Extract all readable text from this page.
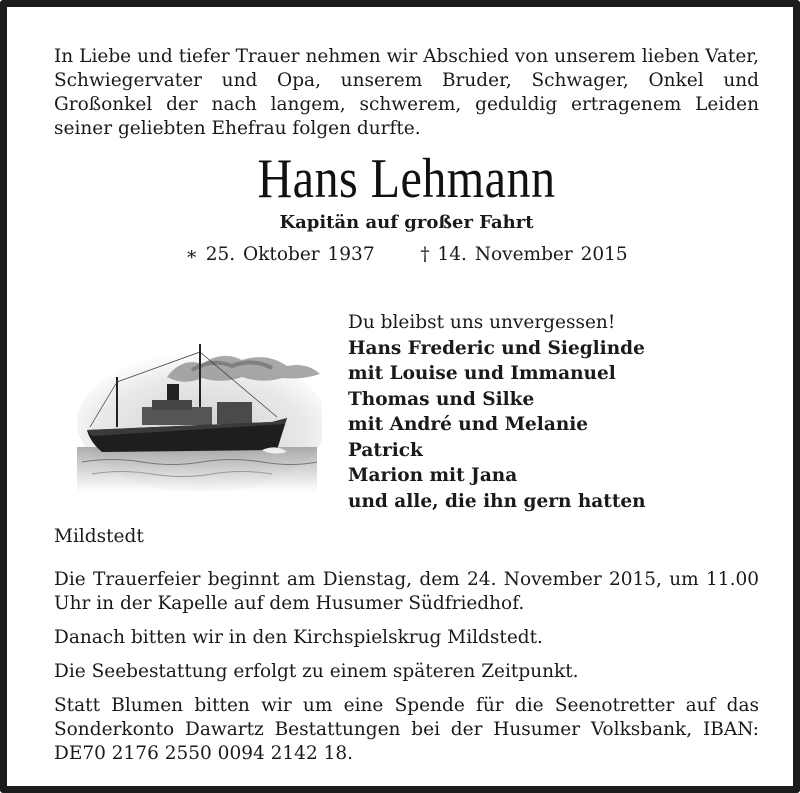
In Liebe und tiefer Trauer nehmen wir Abschied von unserem lieben Vater, Schwiegervater und Opa, unserem Bruder, Schwager, Onkel und Großonkel der nach langem, schwerem, geduldig ertragenem Leiden seiner geliebten Ehefrau folgen durfte.

Hans Lehmann
Kapitän auf großer Fahrt
∗ 25. Oktober 1937 † 14. November 2015
Du bleibst uns unvergessen!
Hans Frederic und Sieglinde
mit Louise und Immanuel
Thomas und Silke
mit André und Melanie
Patrick
Marion mit Jana
und alle, die ihn gern hatten
Mildstedt

Die Trauerfeier beginnt am Dienstag, dem 24. November 2015, um 11.00 Uhr in der Kapelle auf dem Husumer Südfriedhof.

Danach bitten wir in den Kirchspielskrug Mildstedt.

Die Seebestattung erfolgt zu einem späteren Zeitpunkt.

Statt Blumen bitten wir um eine Spende für die Seenotretter auf das Sonderkonto Dawartz Bestattungen bei der Husumer Volksbank, IBAN: DE70 2176 2550 0094 2142 18.
